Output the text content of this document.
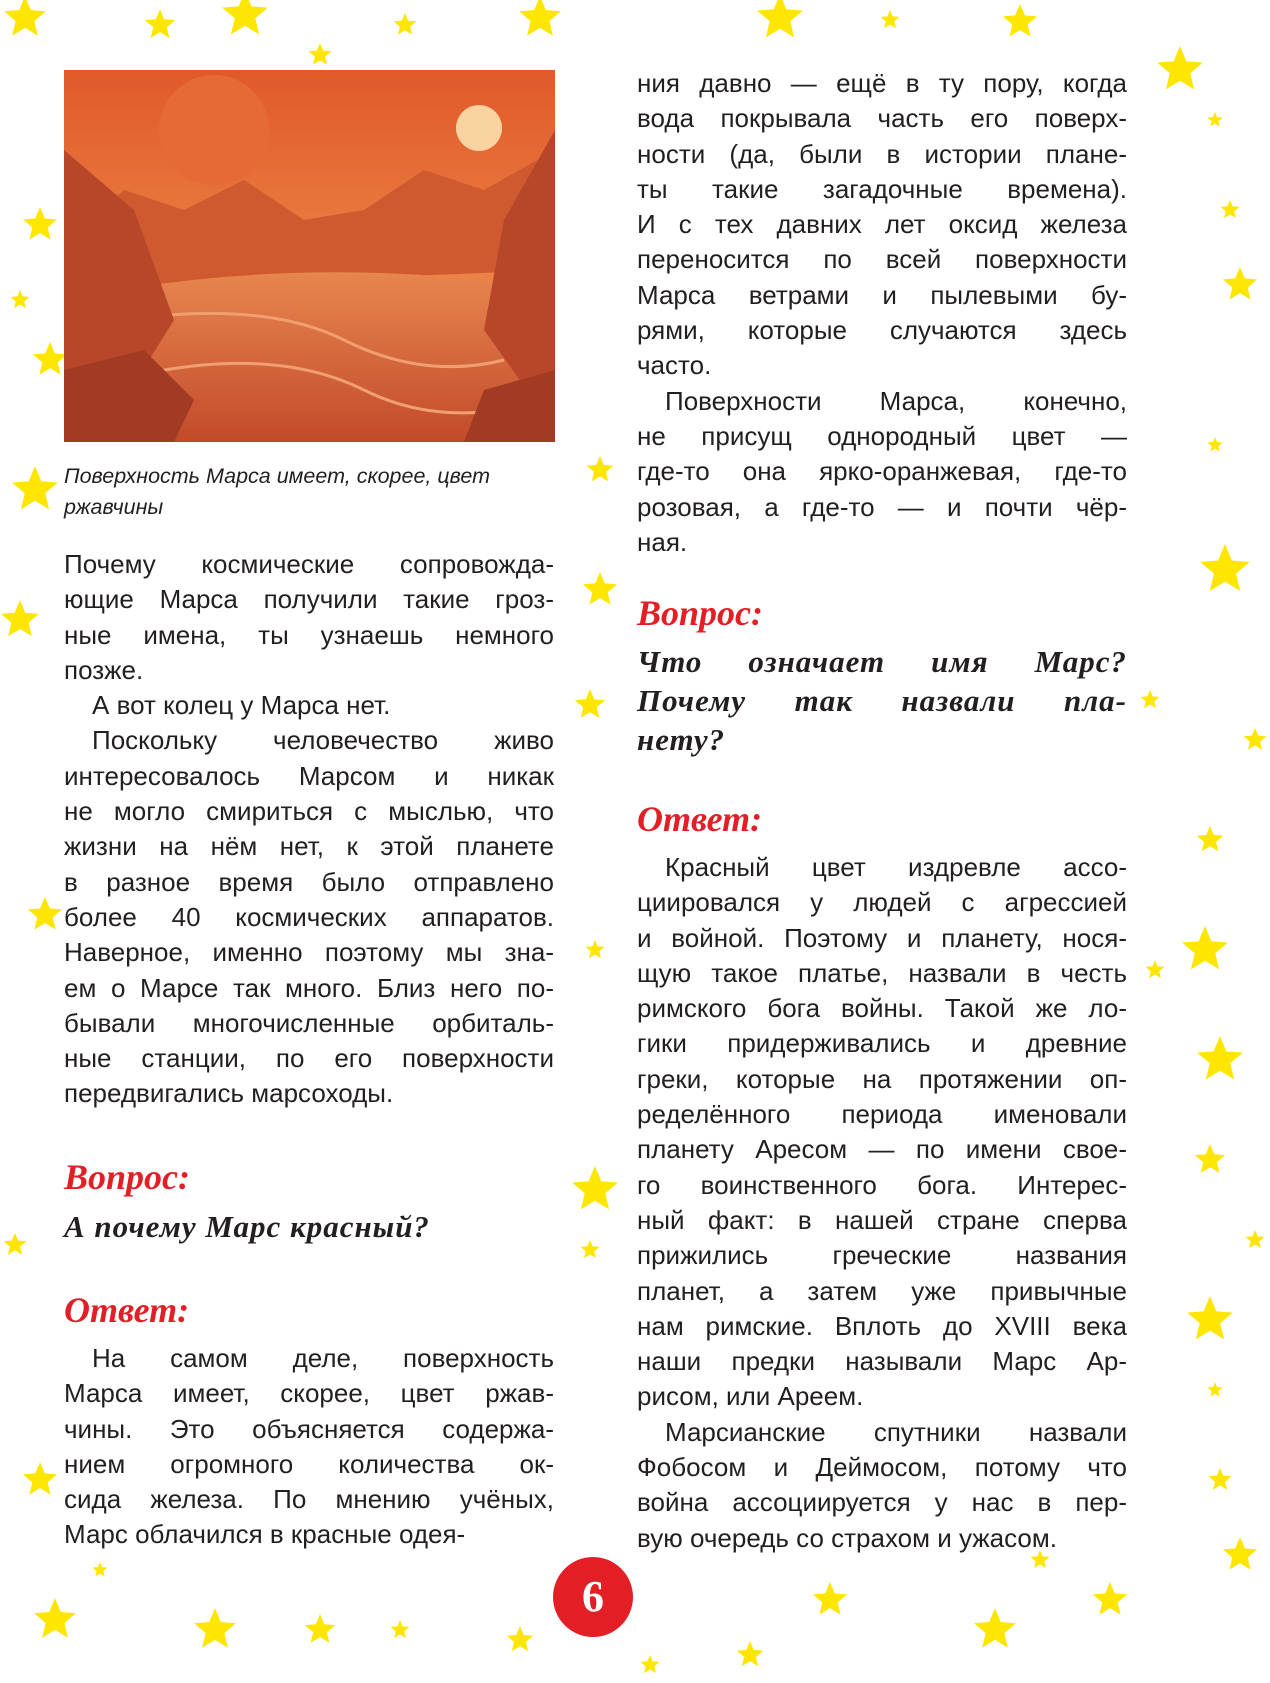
Поверхность Марса имеет, скорее, цвет
ржавчины
Почему космические сопровожда-
ющие Марса получили такие гроз-
ные имена, ты узнаешь немного
позже.
А вот колец у Марса нет.
Поскольку человечество живо
интересовалось Марсом и никак
не могло смириться с мыслью, что
жизни на нём нет, к этой планете
в разное время было отправлено
более 40 космических аппаратов.
Наверное, именно поэтому мы зна-
ем о Марсе так много. Близ него по-
бывали многочисленные орбиталь-
ные станции, по его поверхности
передвигались марсоходы.
Вопрос:
А почему Марс красный?
Ответ:
На самом деле, поверхность
Марса имеет, скорее, цвет ржав-
чины. Это объясняется содержа-
нием огромного количества ок-
сида железа. По мнению учёных,
Марс облачился в красные одея-
ния давно — ещё в ту пору, когда
вода покрывала часть его поверх-
ности (да, были в истории плане-
ты такие загадочные времена).
И с тех давних лет оксид железа
переносится по всей поверхности
Марса ветрами и пылевыми бу-
рями, которые случаются здесь
часто.
Поверхности Марса, конечно,
не присущ однородный цвет —
где-то она ярко-оранжевая, где-то
розовая, а где-то — и почти чёр-
ная.
Вопрос:
Что означает имя Марс?
Почему так назвали пла-
нету?
Ответ:
Красный цвет издревле ассо-
циировался у людей с агрессией
и войной. Поэтому и планету, нося-
щую такое платье, назвали в честь
римского бога войны. Такой же ло-
гики придерживались и древние
греки, которые на протяжении оп-
ределённого периода именовали
планету Аресом — по имени свое-
го воинственного бога. Интерес-
ный факт: в нашей стране сперва
прижились греческие названия
планет, а затем уже привычные
нам римские. Вплоть до XVIII века
наши предки называли Марс Ар-
рисом, или Ареем.
Марсианские спутники назвали
Фобосом и Деймосом, потому что
война ассоциируется у нас в пер-
вую очередь со страхом и ужасом.
6
